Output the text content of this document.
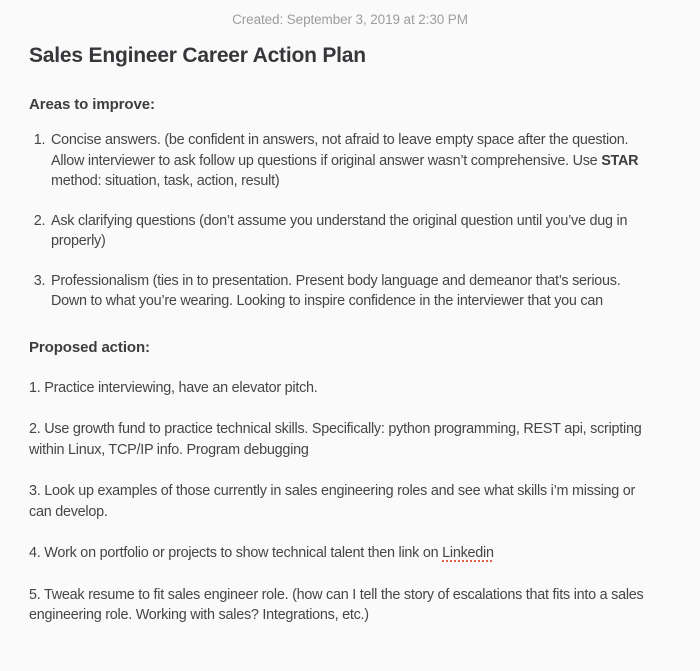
Created: September 3, 2019 at 2:30 PM
Sales Engineer Career Action Plan
Areas to improve:
1. Concise answers. (be confident in answers, not afraid to leave empty space after the question. Allow interviewer to ask follow up questions if original answer wasn’t comprehensive. Use STAR method: situation, task, action, result)
2. Ask clarifying questions (don’t assume you understand the original question until you’ve dug in properly)
3. Professionalism (ties in to presentation. Present body language and demeanor that’s serious. Down to what you’re wearing. Looking to inspire confidence in the interviewer that you can
Proposed action:

1. Practice interviewing, have an elevator pitch.

2. Use growth fund to practice technical skills. Specifically: python programming, REST api, scripting within Linux, TCP/IP info. Program debugging

3. Look up examples of those currently in sales engineering roles and see what skills i’m missing or can develop.

4. Work on portfolio or projects to show technical talent then link on Linkedin

5. Tweak resume to fit sales engineer role. (how can I tell the story of escalations that fits into a sales engineering role. Working with sales? Integrations, etc.)
